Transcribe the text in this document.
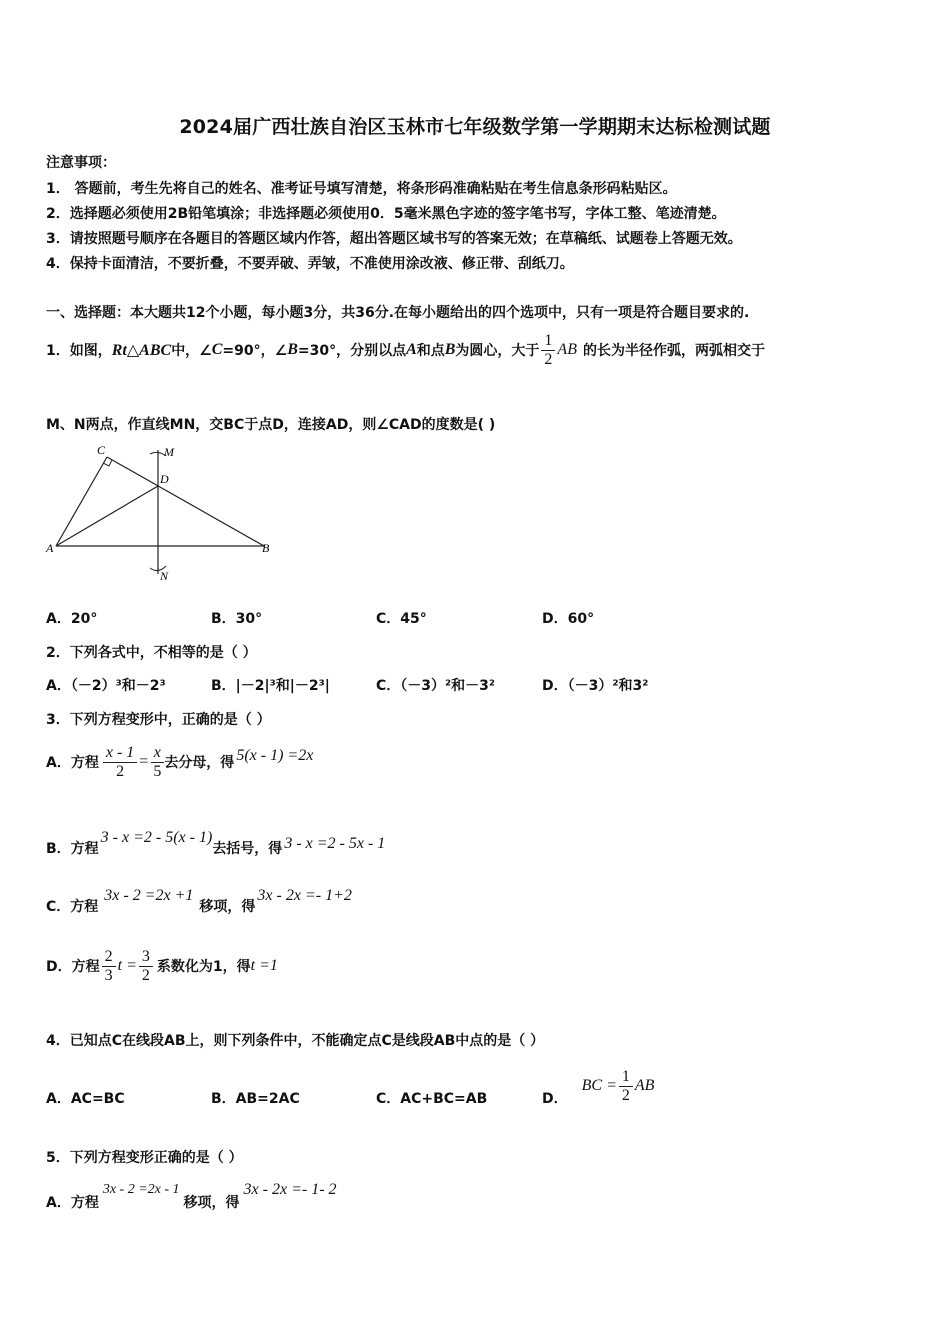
2024届广西壮族自治区玉林市七年级数学第一学期期末达标检测试题
注意事项：
1． 答题前，考生先将自己的姓名、准考证号填写清楚，将条形码准确粘贴在考生信息条形码粘贴区。
2．选择题必须使用2B铅笔填涂；非选择题必须使用0．5毫米黑色字迹的签字笔书写，字体工整、笔迹清楚。
3．请按照题号顺序在各题目的答题区域内作答，超出答题区域书写的答案无效；在草稿纸、试题卷上答题无效。
4．保持卡面清洁，不要折叠，不要弄破、弄皱，不准使用涂改液、修正带、刮纸刀。
一、选择题：本大题共12个小题，每小题3分，共36分.在每小题给出的四个选项中，只有一项是符合题目要求的.
1．如图， Rt△ABC 中，∠ C =90°，∠ B =30°，分别以点 A 和点 B 为圆心，大于 $\frac{1}{2}$ AB 的长为半径作弧，两弧相交于
M、N两点，作直线MN，交BC于点D，连接AD，则∠CAD的度数是( )
C	M
D
A	B
N
A．20°	B．30°	C．45°	D．60°
2．下列各式中，不相等的是（ ）
A．（－2）³和－2³	B．|－2|³和|－2³|	C．（－3）²和－3²	D．（－3）²和3²
3．下列方程变形中，正确的是（ ）
A．方程 $\frac{x - 1}{2} = \frac{x}{5}$ 去分母，得 5(x - 1) =2x
B．方程
3 - x =2 - 5(x - 1)
去括号，得 3 - x =2 - 5x - 1
C．方程
3x - 2 =2x +1
移项，得
3x - 2x =- 1+2
D．方程 $\frac{2}{3}$ $t = \frac{3}{2}$ 系数化为1，得 t =1
4．已知点C在线段AB上，则下列条件中，不能确定点C是线段AB中点的是（ ）
A．AC=BC	B．AB=2AC	C．AC+BC=AB	D．
BC = $\frac{1}{2}$ AB
5．下列方程变形正确的是（ ）
A．方程
3x - 2 =2x - 1
移项，得
3x - 2x =- 1- 2
